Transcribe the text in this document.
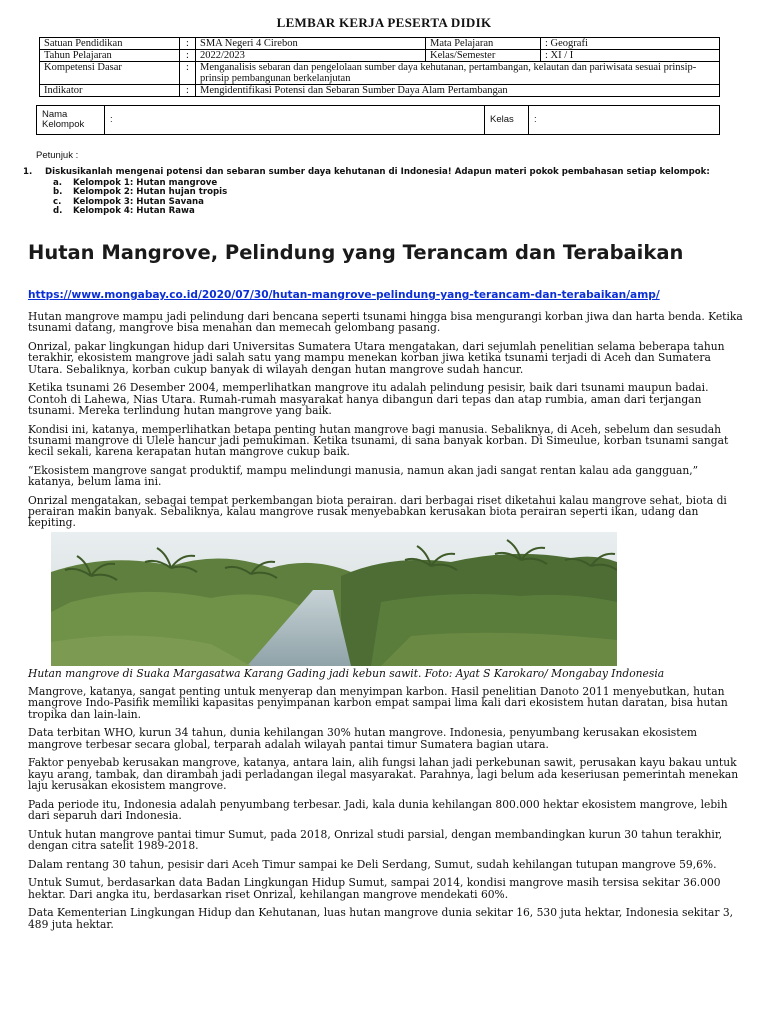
LEMBAR KERJA PESERTA DIDIK
Satuan Pendidikan	:	SMA Negeri 4 Cirebon	Mata Pelajaran	: Geografi
Tahun Pelajaran	:	2022/2023	Kelas/Semester	: XI / I
Kompetensi Dasar	:	Menganalisis sebaran dan pengelolaan sumber daya kehutanan, pertambangan, kelautan dan pariwisata sesuai prinsip-prinsip pembangunan berkelanjutan		
Indikator	:	Mengidentifikasi Potensi dan Sebaran Sumber Daya Alam Pertambangan		
Nama Kelompok	:	Kelas	:
Petunjuk :
1. Diskusikanlah mengenai potensi dan sebaran sumber daya kehutanan di Indonesia! Adapun materi pokok pembahasan setiap kelompok:
a. Kelompok 1: Hutan mangrove
b. Kelompok 2: Hutan hujan tropis
c. Kelompok 3: Hutan Savana
d. Kelompok 4: Hutan Rawa
Hutan Mangrove, Pelindung yang Terancam dan Terabaikan
https://www.mongabay.co.id/2020/07/30/hutan-mangrove-pelindung-yang-terancam-dan-terabaikan/amp/

Hutan mangrove mampu jadi pelindung dari bencana seperti tsunami hingga bisa mengurangi korban jiwa dan harta benda. Ketika tsunami datang, mangrove bisa menahan dan memecah gelombang pasang.

Onrizal, pakar lingkungan hidup dari Universitas Sumatera Utara mengatakan, dari sejumlah penelitian selama beberapa tahun terakhir, ekosistem mangrove jadi salah satu yang mampu menekan korban jiwa ketika tsunami terjadi di Aceh dan Sumatera Utara. Sebaliknya, korban cukup banyak di wilayah dengan hutan mangrove sudah hancur.

Ketika tsunami 26 Desember 2004, memperlihatkan mangrove itu adalah pelindung pesisir, baik dari tsunami maupun badai. Contoh di Lahewa, Nias Utara. Rumah-rumah masyarakat hanya dibangun dari tepas dan atap rumbia, aman dari terjangan tsunami. Mereka terlindung hutan mangrove yang baik.

Kondisi ini, katanya, memperlihatkan betapa penting hutan mangrove bagi manusia. Sebaliknya, di Aceh, sebelum dan sesudah tsunami mangrove di Ulele hancur jadi pemukiman. Ketika tsunami, di sana banyak korban. Di Simeulue, korban tsunami sangat kecil sekali, karena kerapatan hutan mangrove cukup baik.

“Ekosistem mangrove sangat produktif, mampu melindungi manusia, namun akan jadi sangat rentan kalau ada gangguan,” katanya, belum lama ini.

Onrizal mengatakan, sebagai tempat perkembangan biota perairan. dari berbagai riset diketahui kalau mangrove sehat, biota di perairan makin banyak. Sebaliknya, kalau mangrove rusak menyebabkan kerusakan biota perairan seperti ikan, udang dan kepiting.

Hutan mangrove di Suaka Margasatwa Karang Gading jadi kebun sawit. Foto: Ayat S Karokaro/ Mongabay Indonesia

Mangrove, katanya, sangat penting untuk menyerap dan menyimpan karbon. Hasil penelitian Danoto 2011 menyebutkan, hutan mangrove Indo-Pasifik memiliki kapasitas penyimpanan karbon empat sampai lima kali dari ekosistem hutan daratan, bisa hutan tropika dan lain-lain.

Data terbitan WHO, kurun 34 tahun, dunia kehilangan 30% hutan mangrove. Indonesia, penyumbang kerusakan ekosistem mangrove terbesar secara global, terparah adalah wilayah pantai timur Sumatera bagian utara.

Faktor penyebab kerusakan mangrove, katanya, antara lain, alih fungsi lahan jadi perkebunan sawit, perusakan kayu bakau untuk kayu arang, tambak, dan dirambah jadi perladangan ilegal masyarakat. Parahnya, lagi belum ada keseriusan pemerintah menekan laju kerusakan ekosistem mangrove.

Pada periode itu, Indonesia adalah penyumbang terbesar. Jadi, kala dunia kehilangan 800.000 hektar ekosistem mangrove, lebih dari separuh dari Indonesia.

Untuk hutan mangrove pantai timur Sumut, pada 2018, Onrizal studi parsial, dengan membandingkan kurun 30 tahun terakhir, dengan citra satelit 1989-2018.

Dalam rentang 30 tahun, pesisir dari Aceh Timur sampai ke Deli Serdang, Sumut, sudah kehilangan tutupan mangrove 59,6%.

Untuk Sumut, berdasarkan data Badan Lingkungan Hidup Sumut, sampai 2014, kondisi mangrove masih tersisa sekitar 36.000 hektar. Dari angka itu, berdasarkan riset Onrizal, kehilangan mangrove mendekati 60%.

Data Kementerian Lingkungan Hidup dan Kehutanan, luas hutan mangrove dunia sekitar 16, 530 juta hektar, Indonesia sekitar 3, 489 juta hektar.
